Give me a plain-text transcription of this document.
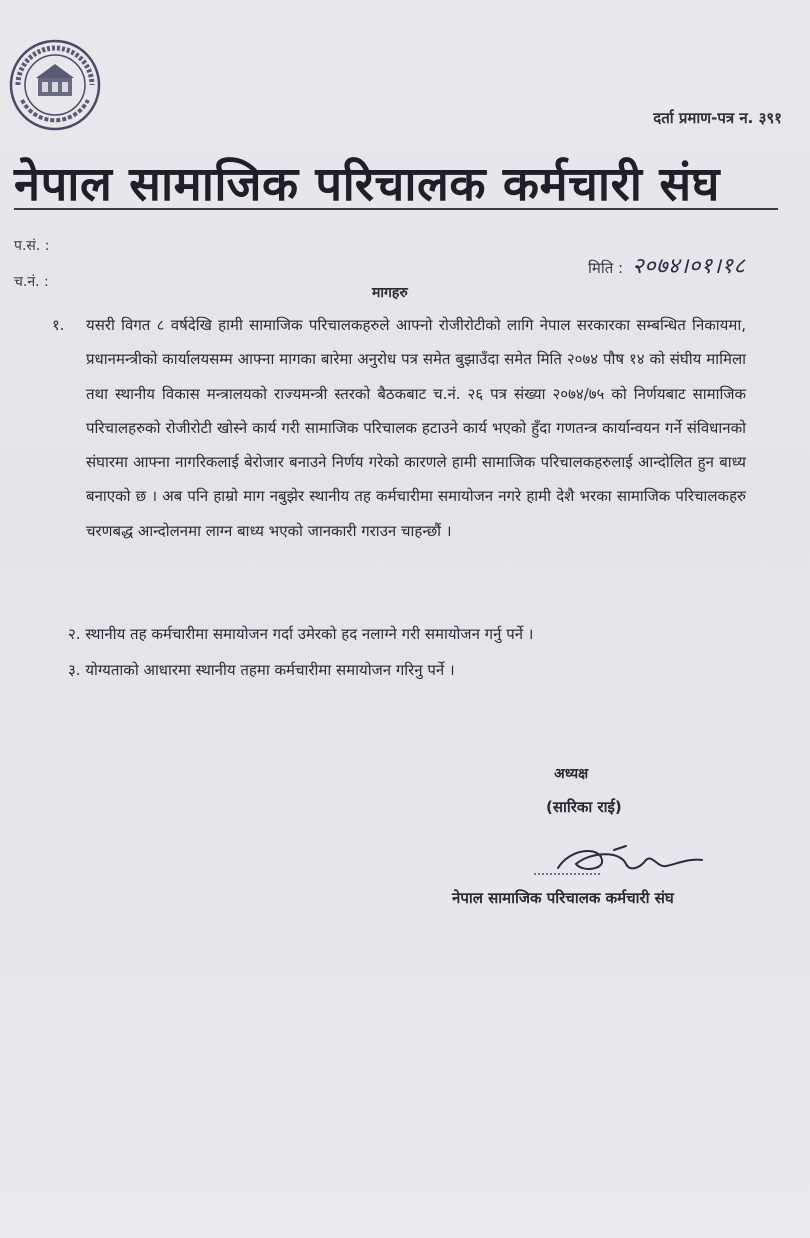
दर्ता प्रमाण-पत्र न. ३९१
नेपाल सामाजिक परिचालक कर्मचारी संघ
प.सं. :
च.नं. :
मिति : २०७४।०१।१८
मागहरु
१.	यसरी विगत ८ वर्षदेखि हामी सामाजिक परिचालकहरुले आफ्नो रोजीरोटीको लागि नेपाल सरकारका सम्बन्धित निकायमा, प्रधानमन्त्रीको कार्यालयसम्म आफ्ना मागका बारेमा अनुरोध पत्र समेत बुझाउँदा समेत मिति २०७४ पौष १४ को संघीय मामिला तथा स्थानीय विकास मन्त्रालयको राज्यमन्त्री स्तरको बैठकबाट च.नं. २६ पत्र संख्या २०७४/७५ को निर्णयबाट सामाजिक परिचालहरुको रोजीरोटी खोस्ने कार्य गरी सामाजिक परिचालक हटाउने कार्य भएको हुँदा गणतन्त्र कार्यान्वयन गर्ने संविधानको संघारमा आफ्ना नागरिकलाई बेरोजार बनाउने निर्णय गरेको कारणले हामी सामाजिक परिचालकहरुलाई आन्दोलित हुन बाध्य बनाएको छ । अब पनि हाम्रो माग नबुझेर स्थानीय तह कर्मचारीमा समायोजन नगरे हामी देशै भरका सामाजिक परिचालकहरु चरणबद्ध आन्दोलनमा लाग्न बाध्य भएको जानकारी गराउन चाहन्छौं ।
२. स्थानीय तह कर्मचारीमा समायोजन गर्दा उमेरको हद नलाग्ने गरी समायोजन गर्नु पर्ने ।
३. योग्यताको आधारमा स्थानीय तहमा कर्मचारीमा समायोजन गरिनु पर्ने ।
अध्यक्ष
(सारिका राई)
नेपाल सामाजिक परिचालक कर्मचारी संघ
